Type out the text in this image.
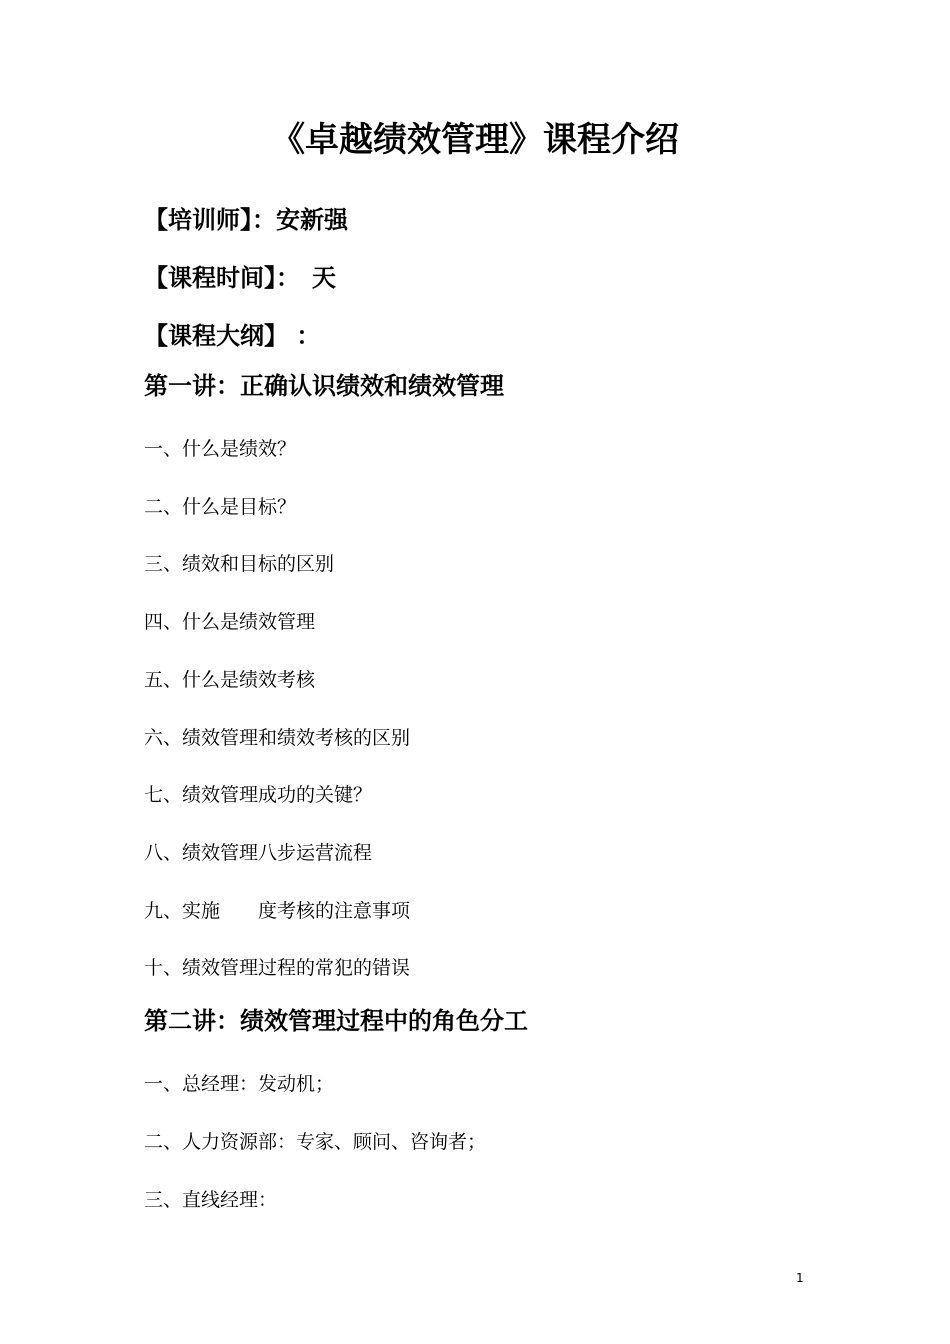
《卓越绩效管理》课程介绍
【培训师】：安新强
【课程时间】：　天
【课程大纲】 ：
第一讲：正确认识绩效和绩效管理
一、什么是绩效？
二、什么是目标？
三、绩效和目标的区别
四、什么是绩效管理
五、什么是绩效考核
六、绩效管理和绩效考核的区别
七、绩效管理成功的关键？
八、绩效管理八步运营流程
九、实施　　度考核的注意事项
十、绩效管理过程的常犯的错误
第二讲：绩效管理过程中的角色分工
一、总经理：发动机；
二、人力资源部：专家、顾问、咨询者；
三、直线经理：
1
